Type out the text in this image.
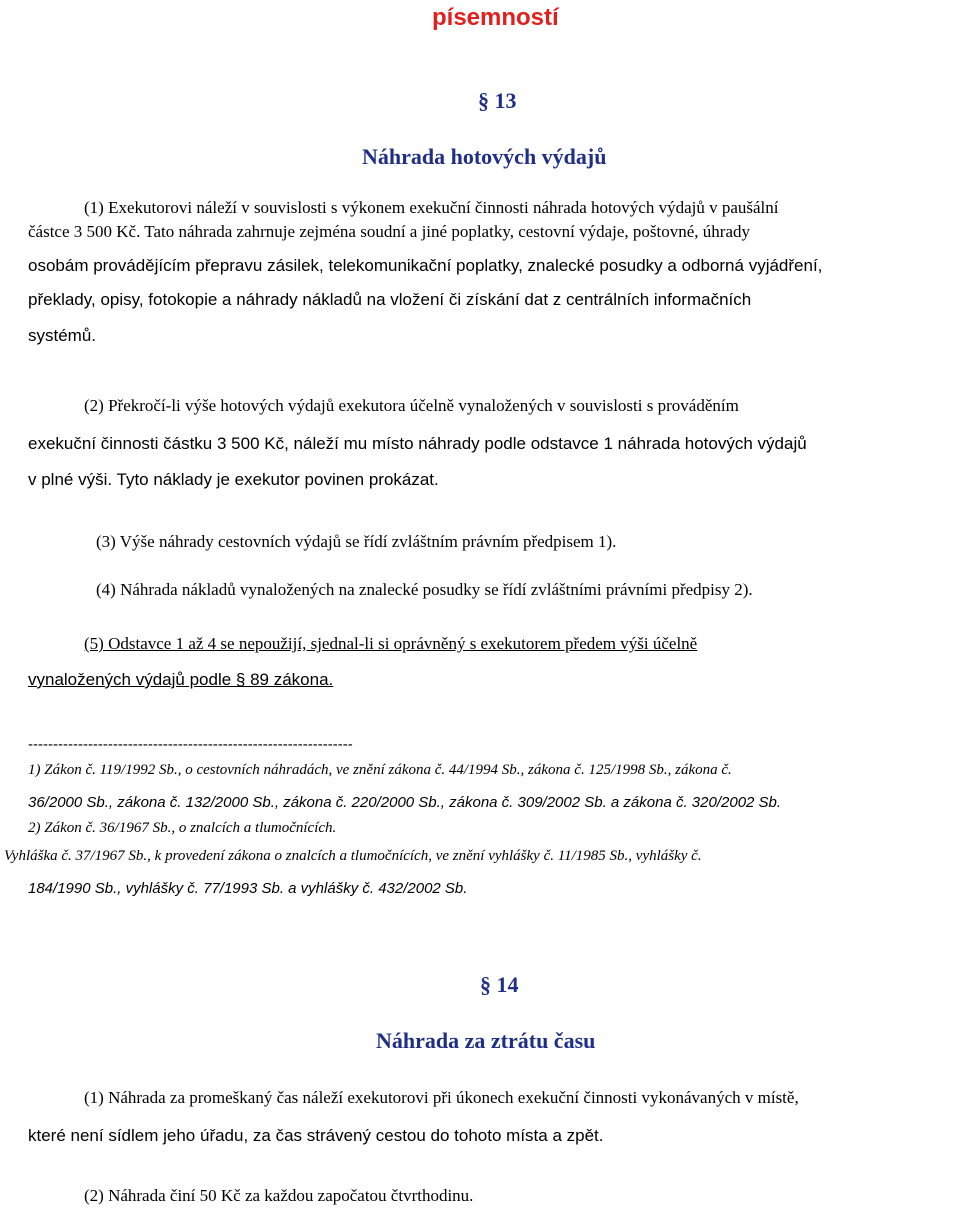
písemností
§ 13
Náhrada hotových výdajů
(1) Exekutorovi náleží v souvislosti s výkonem exekuční činnosti náhrada hotových výdajů v paušální
částce 3 500 Kč. Tato náhrada zahrnuje zejména soudní a jiné poplatky, cestovní výdaje, poštovné, úhrady
osobám provádějícím přepravu zásilek, telekomunikační poplatky, znalecké posudky a odborná vyjádření,
překlady, opisy, fotokopie a náhrady nákladů na vložení či získání dat z centrálních informačních
systémů.
(2) Překročí-li výše hotových výdajů exekutora účelně vynaložených v souvislosti s prováděním
exekuční činnosti částku 3 500 Kč, náleží mu místo náhrady podle odstavce 1 náhrada hotových výdajů
v plné výši. Tyto náklady je exekutor povinen prokázat.
(3) Výše náhrady cestovních výdajů se řídí zvláštním právním předpisem 1).
(4) Náhrada nákladů vynaložených na znalecké posudky se řídí zvláštními právními předpisy 2).
(5) Odstavce 1 až 4 se nepoužijí, sjednal-li si oprávněný s exekutorem předem výši účelně
vynaložených výdajů podle § 89 zákona.
-----------------------------------------------------------------
1) Zákon č. 119/1992 Sb., o cestovních náhradách, ve znění zákona č. 44/1994 Sb., zákona č. 125/1998 Sb., zákona č.
36/2000 Sb., zákona č. 132/2000 Sb., zákona č. 220/2000 Sb., zákona č. 309/2002 Sb. a zákona č. 320/2002 Sb.
2) Zákon č. 36/1967 Sb., o znalcích a tlumočnících.
Vyhláška č. 37/1967 Sb., k provedení zákona o znalcích a tlumočnících, ve znění vyhlášky č. 11/1985 Sb., vyhlášky č.
184/1990 Sb., vyhlášky č. 77/1993 Sb. a vyhlášky č. 432/2002 Sb.
§ 14
Náhrada za ztrátu času
(1) Náhrada za promeškaný čas náleží exekutorovi při úkonech exekuční činnosti vykonávaných v místě,
které není sídlem jeho úřadu, za čas strávený cestou do tohoto místa a zpět.
(2) Náhrada činí 50 Kč za každou započatou čtvrthodinu.
